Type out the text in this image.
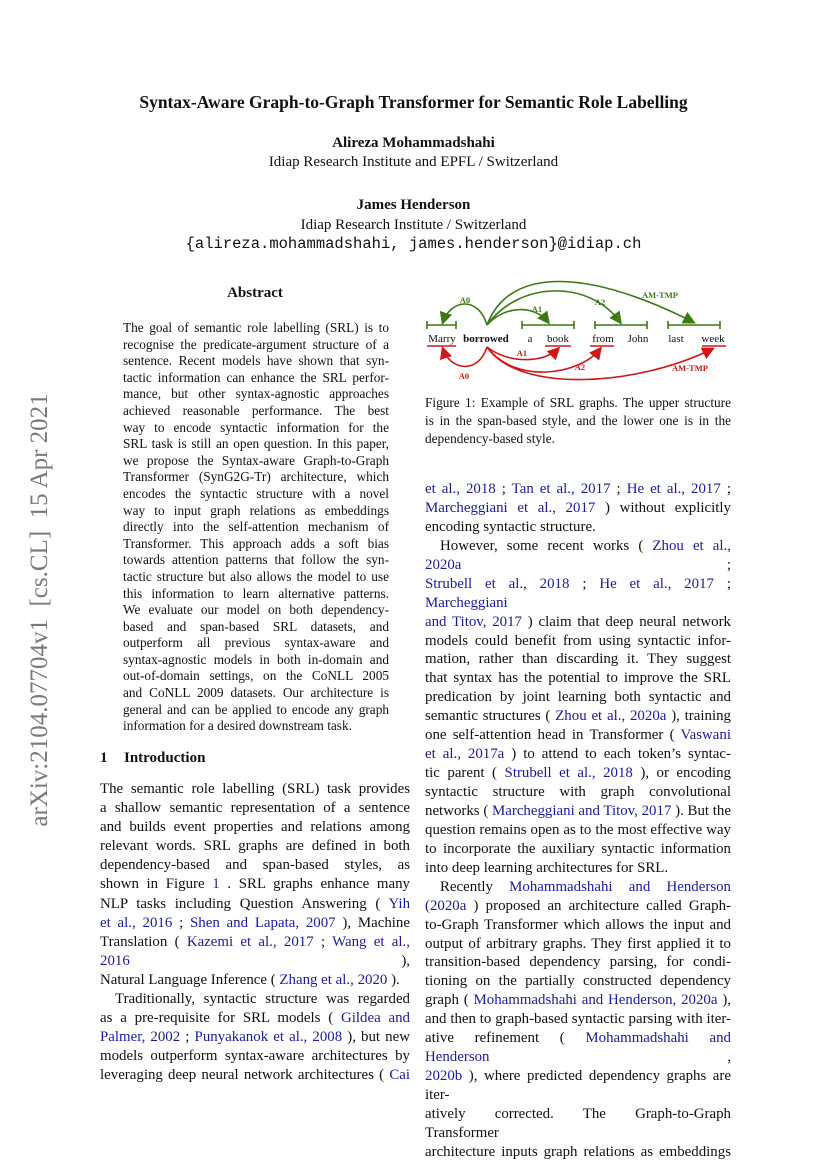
Syntax-Aware Graph-to-Graph Transformer for Semantic Role Labelling
Alireza Mohammadshahi
Idiap Research Institute and EPFL / Switzerland
James Henderson
Idiap Research Institute / Switzerland
{alireza.mohammadshahi, james.henderson}@idiap.ch
arXiv:2104.07704v1  [cs.CL]  15 Apr 2021
Abstract
The goal of semantic role labelling (SRL) is to
recognise the predicate-argument structure of a
sentence. Recent models have shown that syn-
tactic information can enhance the SRL perfor-
mance, but other syntax-agnostic approaches
achieved reasonable performance. The best
way to encode syntactic information for the
SRL task is still an open question. In this paper,
we propose the Syntax-aware Graph-to-Graph
Transformer (SynG2G-Tr) architecture, which
encodes the syntactic structure with a novel
way to input graph relations as embeddings
directly into the self-attention mechanism of
Transformer. This approach adds a soft bias
towards attention patterns that follow the syn-
tactic structure but also allows the model to use
this information to learn alternative patterns.
We evaluate our model on both dependency-
based and span-based SRL datasets, and
outperform all previous syntax-aware and
syntax-agnostic models in both in-domain and
out-of-domain settings, on the CoNLL 2005
and CoNLL 2009 datasets. Our architecture is
general and can be applied to encode any graph
information for a desired downstream task.
1 Introduction
The semantic role labelling (SRL) task provides
a shallow semantic representation of a sentence
and builds event properties and relations among
relevant words. SRL graphs are defined in both
dependency-based and span-based styles, as
shown in Figure 1 . SRL graphs enhance many
NLP tasks including Question Answering ( Yih
et al., 2016 ; Shen and Lapata, 2007 ), Machine
Translation ( Kazemi et al., 2017 ; Wang et al., 2016	),
Natural Language Inference ( Zhang et al., 2020 ).
Traditionally, syntactic structure was regarded
as a pre-requisite for SRL models ( Gildea and
Palmer, 2002 ; Punyakanok et al., 2008 ), but new
models outperform syntax-aware architectures by
leveraging deep neural network architectures ( Cai
et al., 2018 ; Tan et al., 2017 ; He et al., 2017 ;
Marcheggiani et al., 2017 ) without explicitly
encoding syntactic structure.
However, some recent works ( Zhou et al., 2020a	;
Strubell et al., 2018 ; He et al., 2017 ; Marcheggiani
and Titov, 2017 ) claim that deep neural network
models could benefit from using syntactic infor-
mation, rather than discarding it. They suggest
that syntax has the potential to improve the SRL
predication by joint learning both syntactic and
semantic structures ( Zhou et al., 2020a ), training
one self-attention head in Transformer ( Vaswani
et al., 2017a ) to attend to each token’s syntac-
tic parent ( Strubell et al., 2018 ), or encoding
syntactic structure with graph convolutional
networks ( Marcheggiani and Titov, 2017 ). But the
question remains open as to the most effective way
to incorporate the auxiliary syntactic information
into deep learning architectures for SRL.
Recently Mohammadshahi and Henderson
(2020a ) proposed an architecture called Graph-
to-Graph Transformer which allows the input and
output of arbitrary graphs. They first applied it to
transition-based dependency parsing, for condi-
tioning on the partially constructed dependency
graph ( Mohammadshahi and Henderson, 2020a ),
and then to graph-based syntactic parsing with iter-
ative refinement ( Mohammadshahi and Henderson	,
2020b ), where predicted dependency graphs are iter-
atively corrected. The Graph-to-Graph Transformer
architecture inputs graph relations as embeddings
Marry borrowed a book from John last week
A0
A1
A2
AM-TMP
A1
A2
A0
AM-TMP
Figure 1: Example of SRL graphs. The upper structure
is in the span-based style, and the lower one is in the
dependency-based style.
